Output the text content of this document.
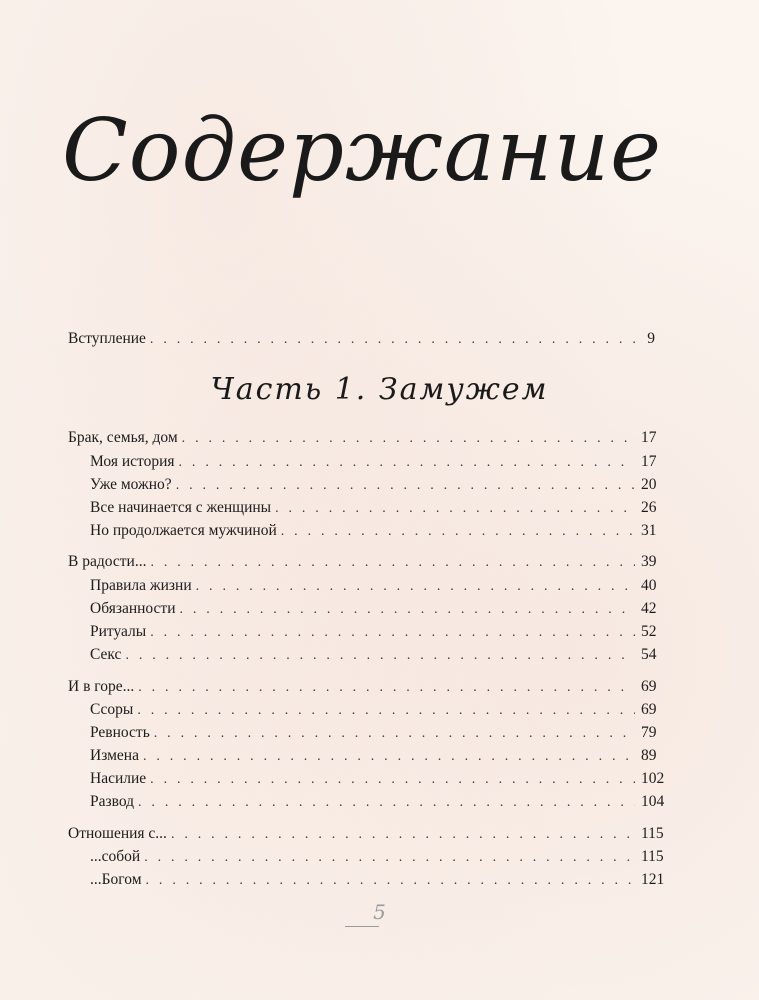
Содержание
Вступление . . .	9
Часть 1. Замужем
Брак, семья, дом . . .	17
Моя история . . .	17
Уже можно? . . .	20
Все начинается с женщины . . .	26
Но продолжается мужчиной . . .	31
В радости... . . .	39
Правила жизни . . .	40
Обязанности . . .	42
Ритуалы . . .	52
Секс . . .	54
И в горе... . . .	69
Ссоры . . .	69
Ревность . . .	79
Измена . . .	89
Насилие . . .	102
Развод . . .	104
Отношения с... . . .	115
...собой . . .	115
...Богом . . .	121
5
